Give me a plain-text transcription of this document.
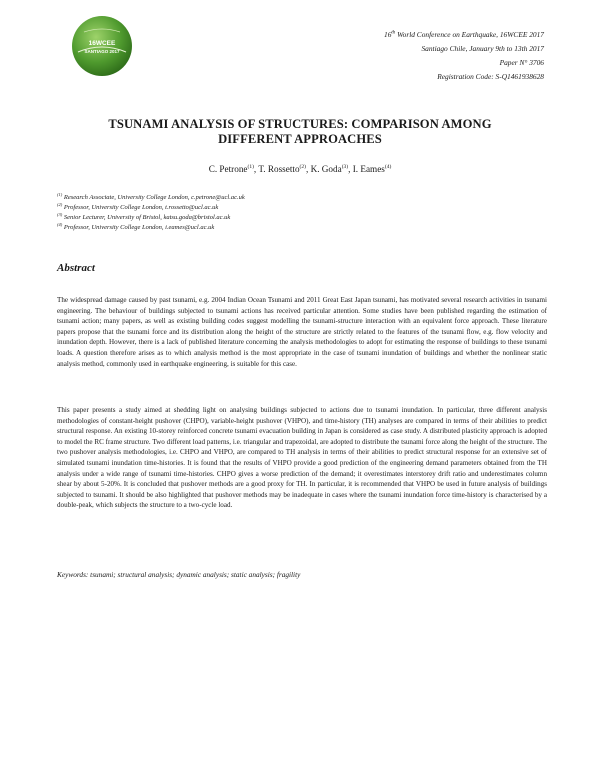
16WCEE
SANTIAGO 2017
16th World Conference on Earthquake, 16WCEE 2017
Santiago Chile, January 9th to 13th 2017
Paper N° 3706
Registration Code: S-Q1461938628
TSUNAMI ANALYSIS OF STRUCTURES: COMPARISON AMONG
DIFFERENT APPROACHES
C. Petrone$^{(1)}$, T. Rossetto$^{(2)}$, K. Goda$^{(3)}$, I. Eames$^{(4)}$
$^{(1)}$ Research Associate, University College London, c.petrone@ucl.ac.uk
$^{(2)}$ Professor, University College London, t.rossetto@ucl.ac.uk
$^{(3)}$ Senior Lecturer, University of Bristol, katsu.goda@bristol.ac.uk
$^{(4)}$ Professor, University College London, i.eames@ucl.ac.uk
Abstract
The widespread damage caused by past tsunami, e.g. 2004 Indian Ocean Tsunami and 2011 Great East Japan tsunami, has motivated several research activities in tsunami engineering. The behaviour of buildings subjected to tsunami actions has received particular attention. Some studies have been published regarding the estimation of tsunami action; many papers, as well as existing building codes suggest modelling the tsunami-structure interaction with an equivalent force approach. These literature papers propose that the tsunami force and its distribution along the height of the structure are strictly related to the features of the tsunami flow, e.g. flow velocity and inundation depth. However, there is a lack of published literature concerning the analysis methodologies to adopt for estimating the response of buildings to these tsunami loads. A question therefore arises as to which analysis method is the most appropriate in the case of tsunami inundation of buildings and whether the nonlinear static analysis method, commonly used in earthquake engineering, is suitable for this case.
This paper presents a study aimed at shedding light on analysing buildings subjected to actions due to tsunami inundation. In particular, three different analysis methodologies of constant-height pushover (CHPO), variable-height pushover (VHPO), and time-history (TH) analyses are compared in terms of their abilities to predict structural response. An existing 10-storey reinforced concrete tsunami evacuation building in Japan is considered as case study. A distributed plasticity approach is adopted to model the RC frame structure. Two different load patterns, i.e. triangular and trapezoidal, are adopted to distribute the tsunami force along the height of the structure. The two pushover analysis methodologies, i.e. CHPO and VHPO, are compared to TH analysis in terms of their abilities to predict structural response for an extensive set of simulated tsunami inundation time-histories. It is found that the results of VHPO provide a good prediction of the engineering demand parameters obtained from the TH analysis under a wide range of tsunami time-histories. CHPO gives a worse prediction of the demand; it overestimates interstorey drift ratio and underestimates column shear by about 5-20%. It is concluded that pushover methods are a good proxy for TH. In particular, it is recommended that VHPO be used in future analysis of buildings subjected to tsunami. It should be also highlighted that pushover methods may be inadequate in cases where the tsunami inundation force time-history is characterised by a double-peak, which subjects the structure to a two-cycle load.
Keywords: tsunami; structural analysis; dynamic analysis; static analysis; fragility
